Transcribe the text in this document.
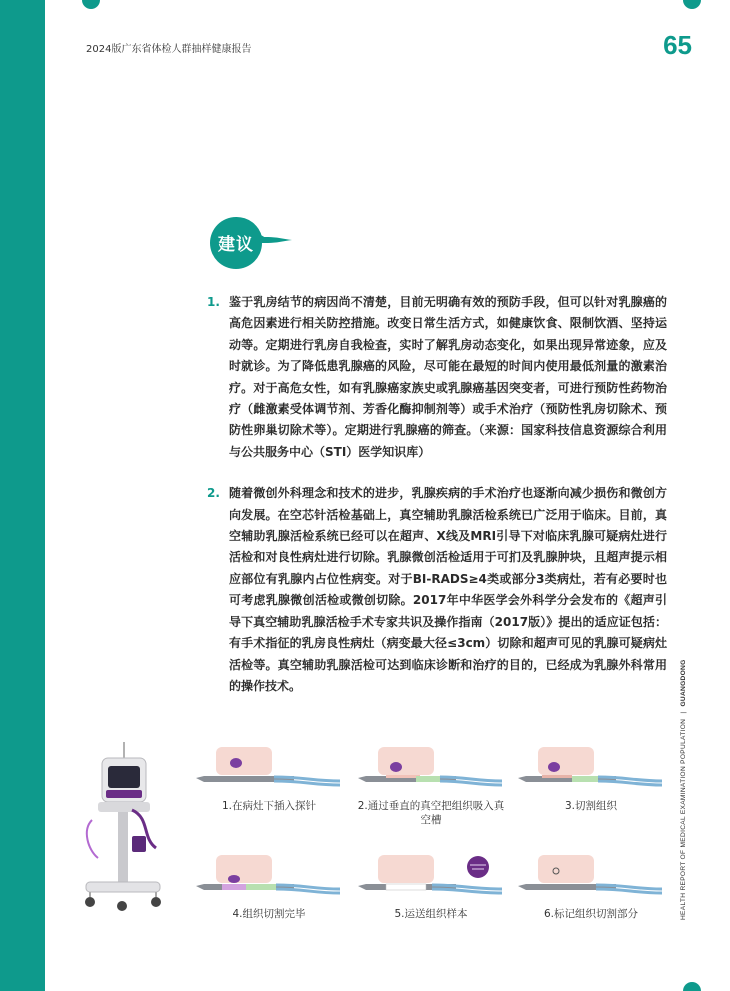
2024版广东省体检人群抽样健康报告	65
HEALTH REPORT OF MEDICAL EXAMINATION POPULATION | GUANGDONG
建议
1. 鉴于乳房结节的病因尚不清楚，目前无明确有效的预防手段，但可以针对乳腺癌的高危因素进行相关防控措施。改变日常生活方式，如健康饮食、限制饮酒、坚持运动等。定期进行乳房自我检查，实时了解乳房动态变化，如果出现异常迹象，应及时就诊。为了降低患乳腺癌的风险，尽可能在最短的时间内使用最低剂量的激素治疗。对于高危女性，如有乳腺癌家族史或乳腺癌基因突变者，可进行预防性药物治疗（雌激素受体调节剂、芳香化酶抑制剂等）或手术治疗（预防性乳房切除术、预防性卵巢切除术等）。定期进行乳腺癌的筛查。（来源：国家科技信息资源综合利用与公共服务中心（STI）医学知识库）
2. 随着微创外科理念和技术的进步，乳腺疾病的手术治疗也逐渐向减少损伤和微创方向发展。在空芯针活检基础上，真空辅助乳腺活检系统已广泛用于临床。目前，真空辅助乳腺活检系统已经可以在超声、X线及MRI引导下对临床乳腺可疑病灶进行活检和对良性病灶进行切除。乳腺微创活检适用于可扪及乳腺肿块，且超声提示相应部位有乳腺内占位性病变。对于BI-RADS≥4类或部分3类病灶，若有必要时也可考虑乳腺微创活检或微创切除。2017年中华医学会外科学分会发布的《超声引导下真空辅助乳腺活检手术专家共识及操作指南（2017版）》提出的适应证包括：有手术指征的乳房良性病灶（病变最大径≤3cm）切除和超声可见的乳腺可疑病灶活检等。真空辅助乳腺活检可达到临床诊断和治疗的目的，已经成为乳腺外科常用的操作技术。
1.在病灶下插入探针	2.通过垂直的真空把组织吸入真空槽
3.切割组织
4.组织切割完毕	5.运送组织样本	6.标记组织切割部分
